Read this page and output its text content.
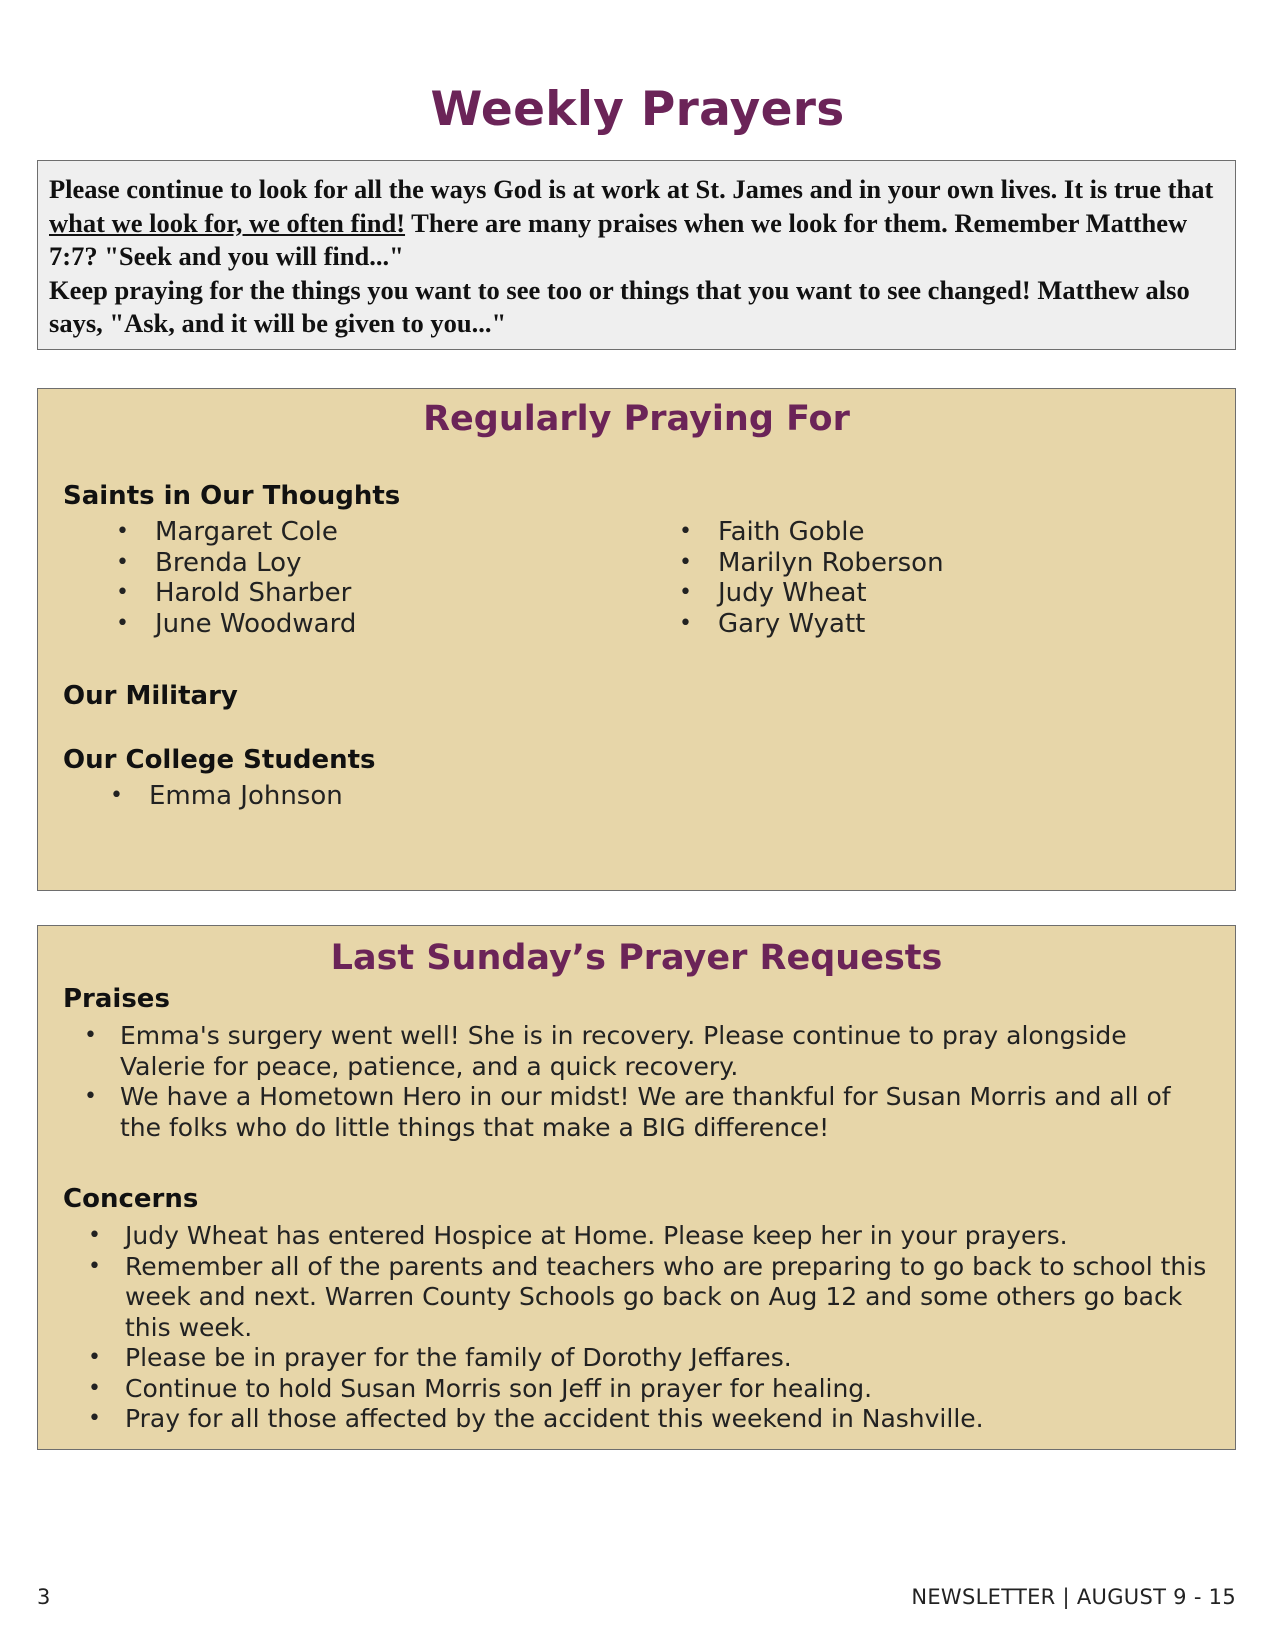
Weekly Prayers

Please continue to look for all the ways God is at work at St. James and in your own lives. It is true that what we look for, we often find! There are many praises when we look for them. Remember Matthew 7:7? "Seek and you will find..."
Keep praying for the things you want to see too or things that you want to see changed! Matthew also says, "Ask, and it will be given to you..."

Regularly Praying For
Saints in Our Thoughts
• Margaret Cole
• Brenda Loy
• Harold Sharber
• June Woodward
• Faith Goble
• Marilyn Roberson
• Judy Wheat
• Gary Wyatt
Our Military
Our College Students
• Emma Johnson
Last Sunday’s Prayer Requests
Praises
• Emma's surgery went well! She is in recovery. Please continue to pray alongside Valerie for peace, patience, and a quick recovery.
• We have a Hometown Hero in our midst! We are thankful for Susan Morris and all of the folks who do little things that make a BIG difference!
Concerns
• Judy Wheat has entered Hospice at Home. Please keep her in your prayers.
• Remember all of the parents and teachers who are preparing to go back to school this week and next. Warren County Schools go back on Aug 12 and some others go back this week.
• Please be in prayer for the family of Dorothy Jeffares.
• Continue to hold Susan Morris son Jeff in prayer for healing.
• Pray for all those affected by the accident this weekend in Nashville.
3	NEWSLETTER | AUGUST 9 - 15
